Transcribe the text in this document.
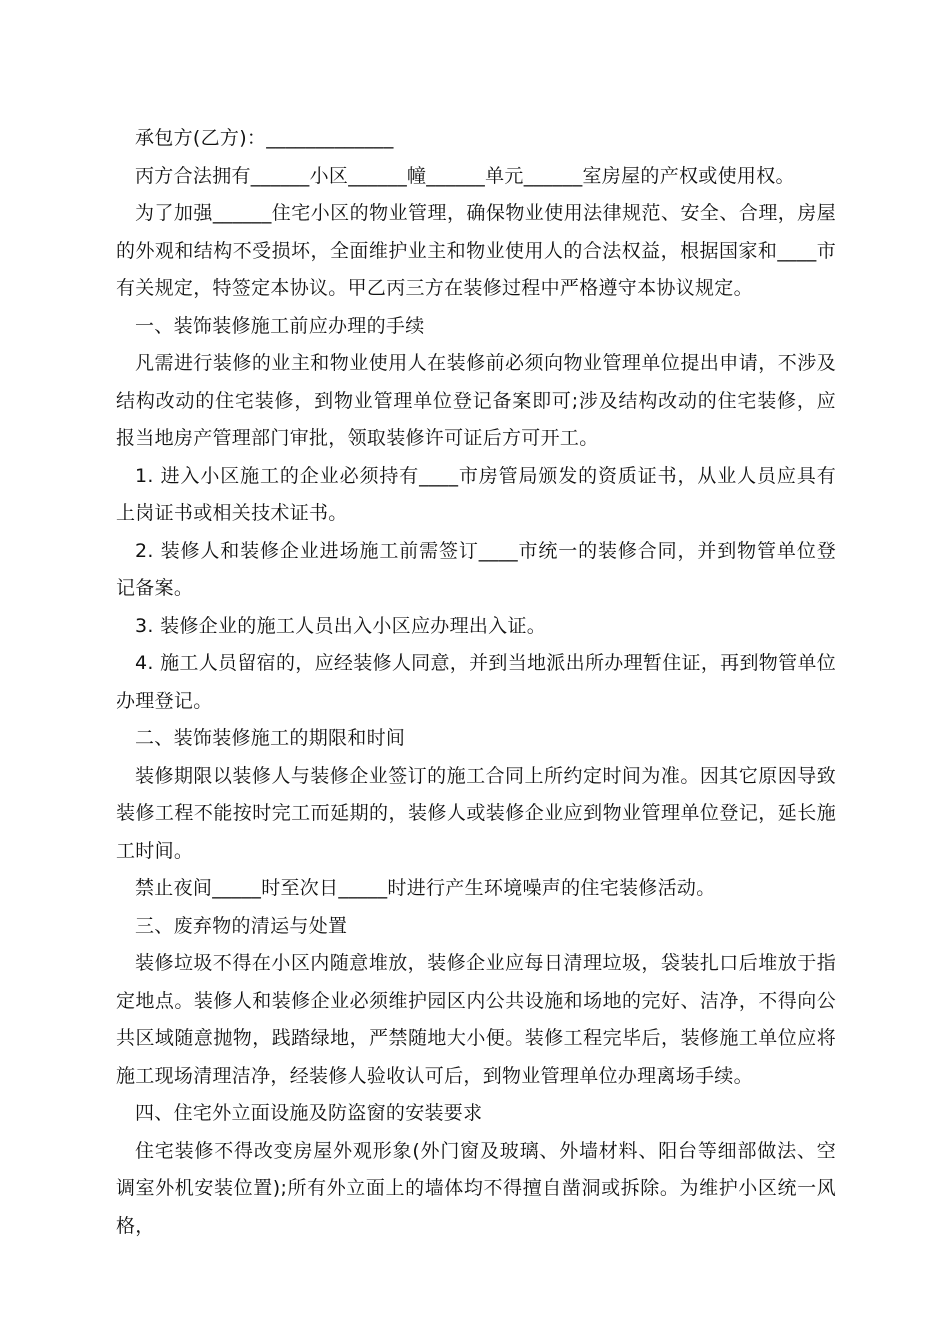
承包方(乙方)：_____________

丙方合法拥有______小区______幢______单元______室房屋的产权或使用权。

为了加强______住宅小区的物业管理，确保物业使用法律规范、安全、合理，房屋的外观和结构不受损坏，全面维护业主和物业使用人的合法权益，根据国家和____市有关规定，特签定本协议。甲乙丙三方在装修过程中严格遵守本协议规定。

一、装饰装修施工前应办理的手续

凡需进行装修的业主和物业使用人在装修前必须向物业管理单位提出申请，不涉及结构改动的住宅装修，到物业管理单位登记备案即可;涉及结构改动的住宅装修，应报当地房产管理部门审批，领取装修许可证后方可开工。

1. 进入小区施工的企业必须持有____市房管局颁发的资质证书，从业人员应具有上岗证书或相关技术证书。

2. 装修人和装修企业进场施工前需签订____市统一的装修合同，并到物管单位登记备案。

3. 装修企业的施工人员出入小区应办理出入证。

4. 施工人员留宿的，应经装修人同意，并到当地派出所办理暂住证，再到物管单位办理登记。

二、装饰装修施工的期限和时间

装修期限以装修人与装修企业签订的施工合同上所约定时间为准。因其它原因导致装修工程不能按时完工而延期的，装修人或装修企业应到物业管理单位登记，延长施工时间。

禁止夜间_____时至次日_____时进行产生环境噪声的住宅装修活动。

三、废弃物的清运与处置

装修垃圾不得在小区内随意堆放，装修企业应每日清理垃圾，袋装扎口后堆放于指定地点。装修人和装修企业必须维护园区内公共设施和场地的完好、洁净，不得向公共区域随意抛物，践踏绿地，严禁随地大小便。装修工程完毕后，装修施工单位应将施工现场清理洁净，经装修人验收认可后，到物业管理单位办理离场手续。

四、住宅外立面设施及防盗窗的安装要求

住宅装修不得改变房屋外观形象(外门窗及玻璃、外墙材料、阳台等细部做法、空调室外机安装位置);所有外立面上的墙体均不得擅自凿洞或拆除。为维护小区统一风格，
